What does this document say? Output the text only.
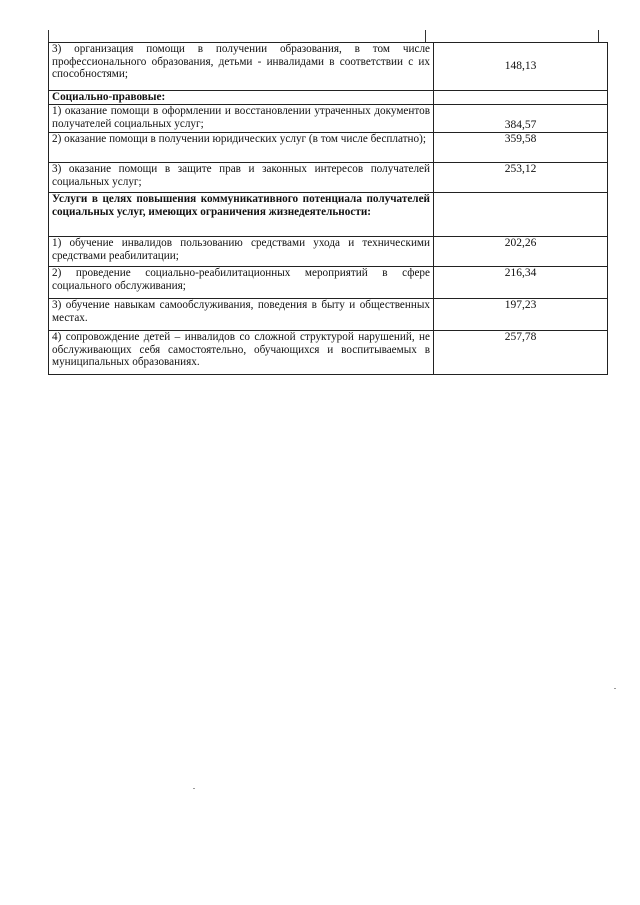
3) организация помощи в получении образования, в том числе профессионального образования, детьми - инвалидами в соответствии с их способностями;	148,13
Социально-правовые:	
1) оказание помощи в оформлении и восстановлении утраченных документов получателей социальных услуг;	384,57
2) оказание помощи в получении юридических услуг (в том числе бесплатно);	359,58
3) оказание помощи в защите прав и законных интересов получателей социальных услуг;	253,12
Услуги в целях повышения коммуникативного потенциала получателей социальных услуг, имеющих ограничения жизнедеятельности:	
1) обучение инвалидов пользованию средствами ухода и техническими средствами реабилитации;	202,26
2) проведение социально-реабилитационных мероприятий в сфере социального обслуживания;	216,34
3) обучение навыкам самообслуживания, поведения в быту и общественных местах.	197,23
4) сопровождение детей – инвалидов со сложной структурой нарушений, не обслуживающих себя самостоятельно, обучающихся и воспитываемых в муниципальных образованиях.	257,78
